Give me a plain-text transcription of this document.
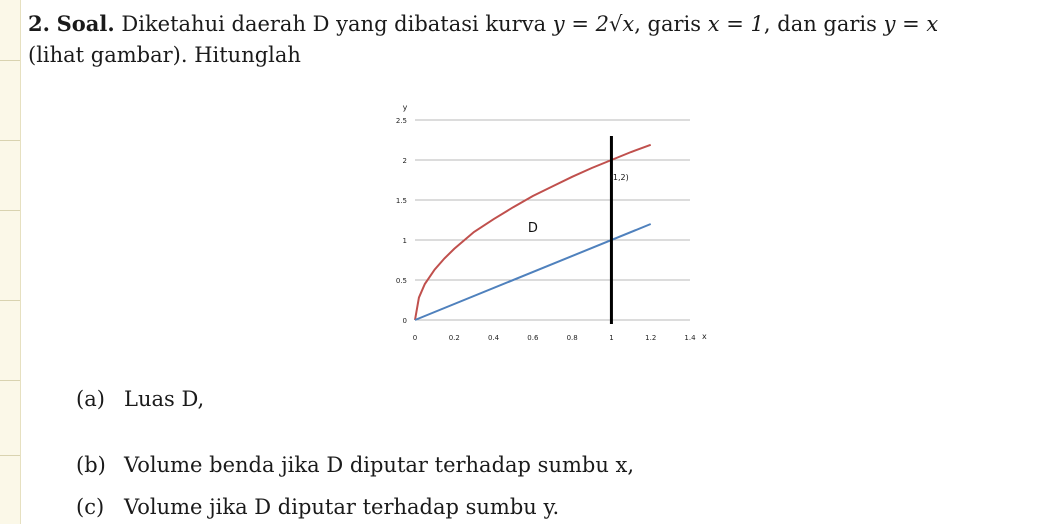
2. Soal. Diketahui daerah D yang dibatasi kurva y = 2√x, garis x = 1, dan garis y = x
(lihat gambar). Hitunglah
0
0.5
1
1.5
2
2.5
0	0.2	0.4	0.6	0.8	1	1.2	1.4 x
y
(1,2)
D
(a) Luas D,
(b) Volume benda jika D diputar terhadap sumbu x,
(c) Volume jika D diputar terhadap sumbu y.
